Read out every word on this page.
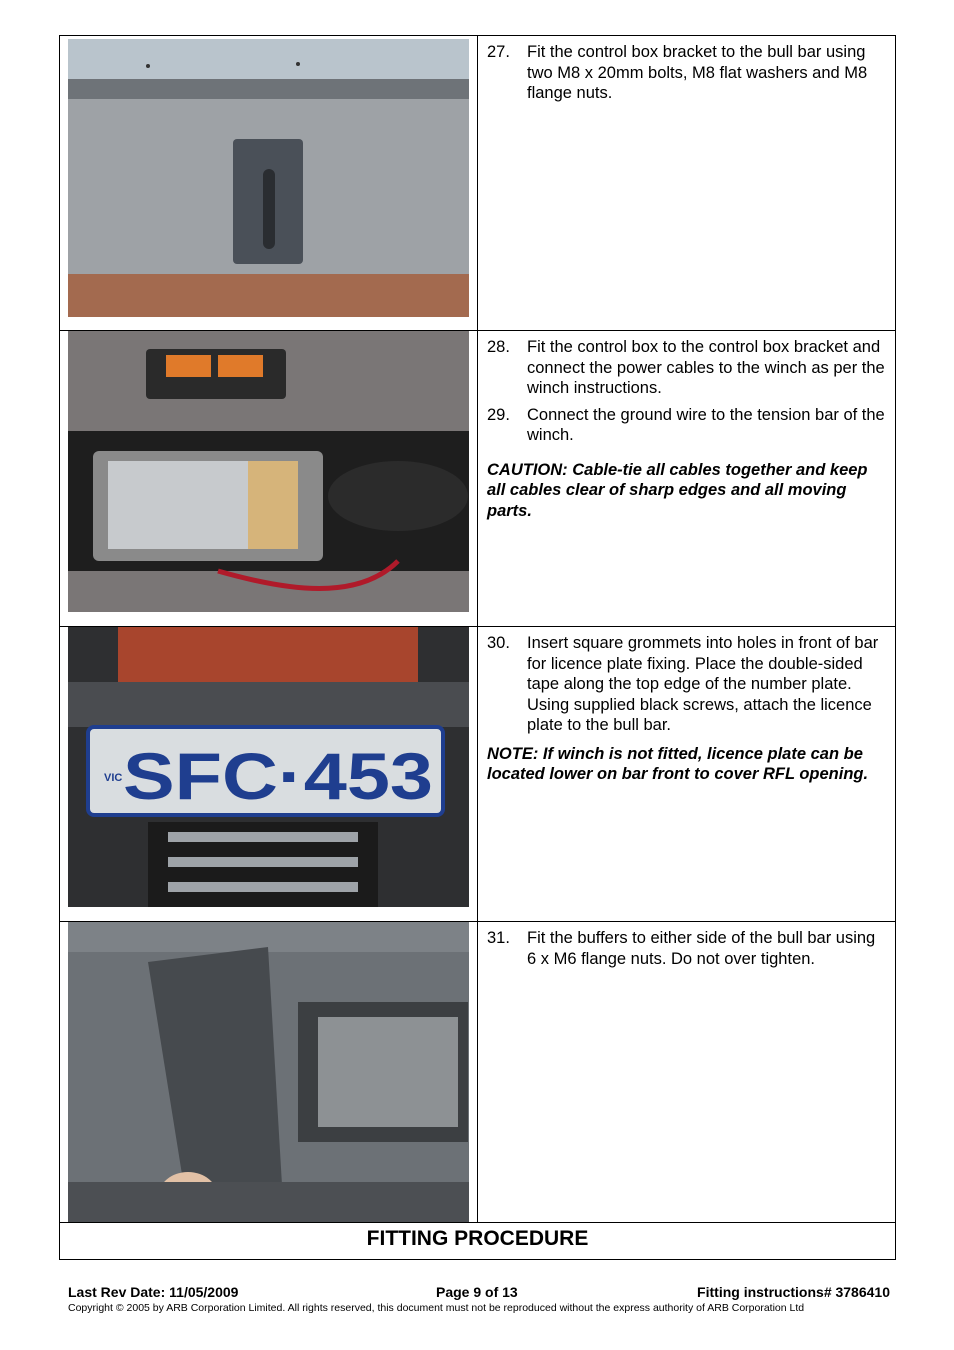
27. Fit the control box bracket to the bull bar using two M8 x 20mm bolts, M8 flat washers and M8 flange nuts.
28. Fit the control box to the control box bracket and connect the power cables to the winch as per the winch instructions.
29. Connect the ground wire to the tension bar of the winch.
CAUTION: Cable-tie all cables together and keep all cables clear of sharp edges and all moving parts.
VIC SFC·453
30. Insert square grommets into holes in front of bar for licence plate fixing. Place the double-sided tape along the top edge of the number plate. Using supplied black screws, attach the licence plate to the bull bar.
NOTE: If winch is not fitted, licence plate can be located lower on bar front to cover RFL opening.
31. Fit the buffers to either side of the bull bar using 6 x M6 flange nuts. Do not over tighten.
FITTING PROCEDURE
Last Rev Date: 11/05/2009	Page 9 of 13	Fitting instructions# 3786410
Copyright © 2005 by ARB Corporation Limited. All rights reserved, this document must not be reproduced without the express authority of ARB Corporation Ltd
